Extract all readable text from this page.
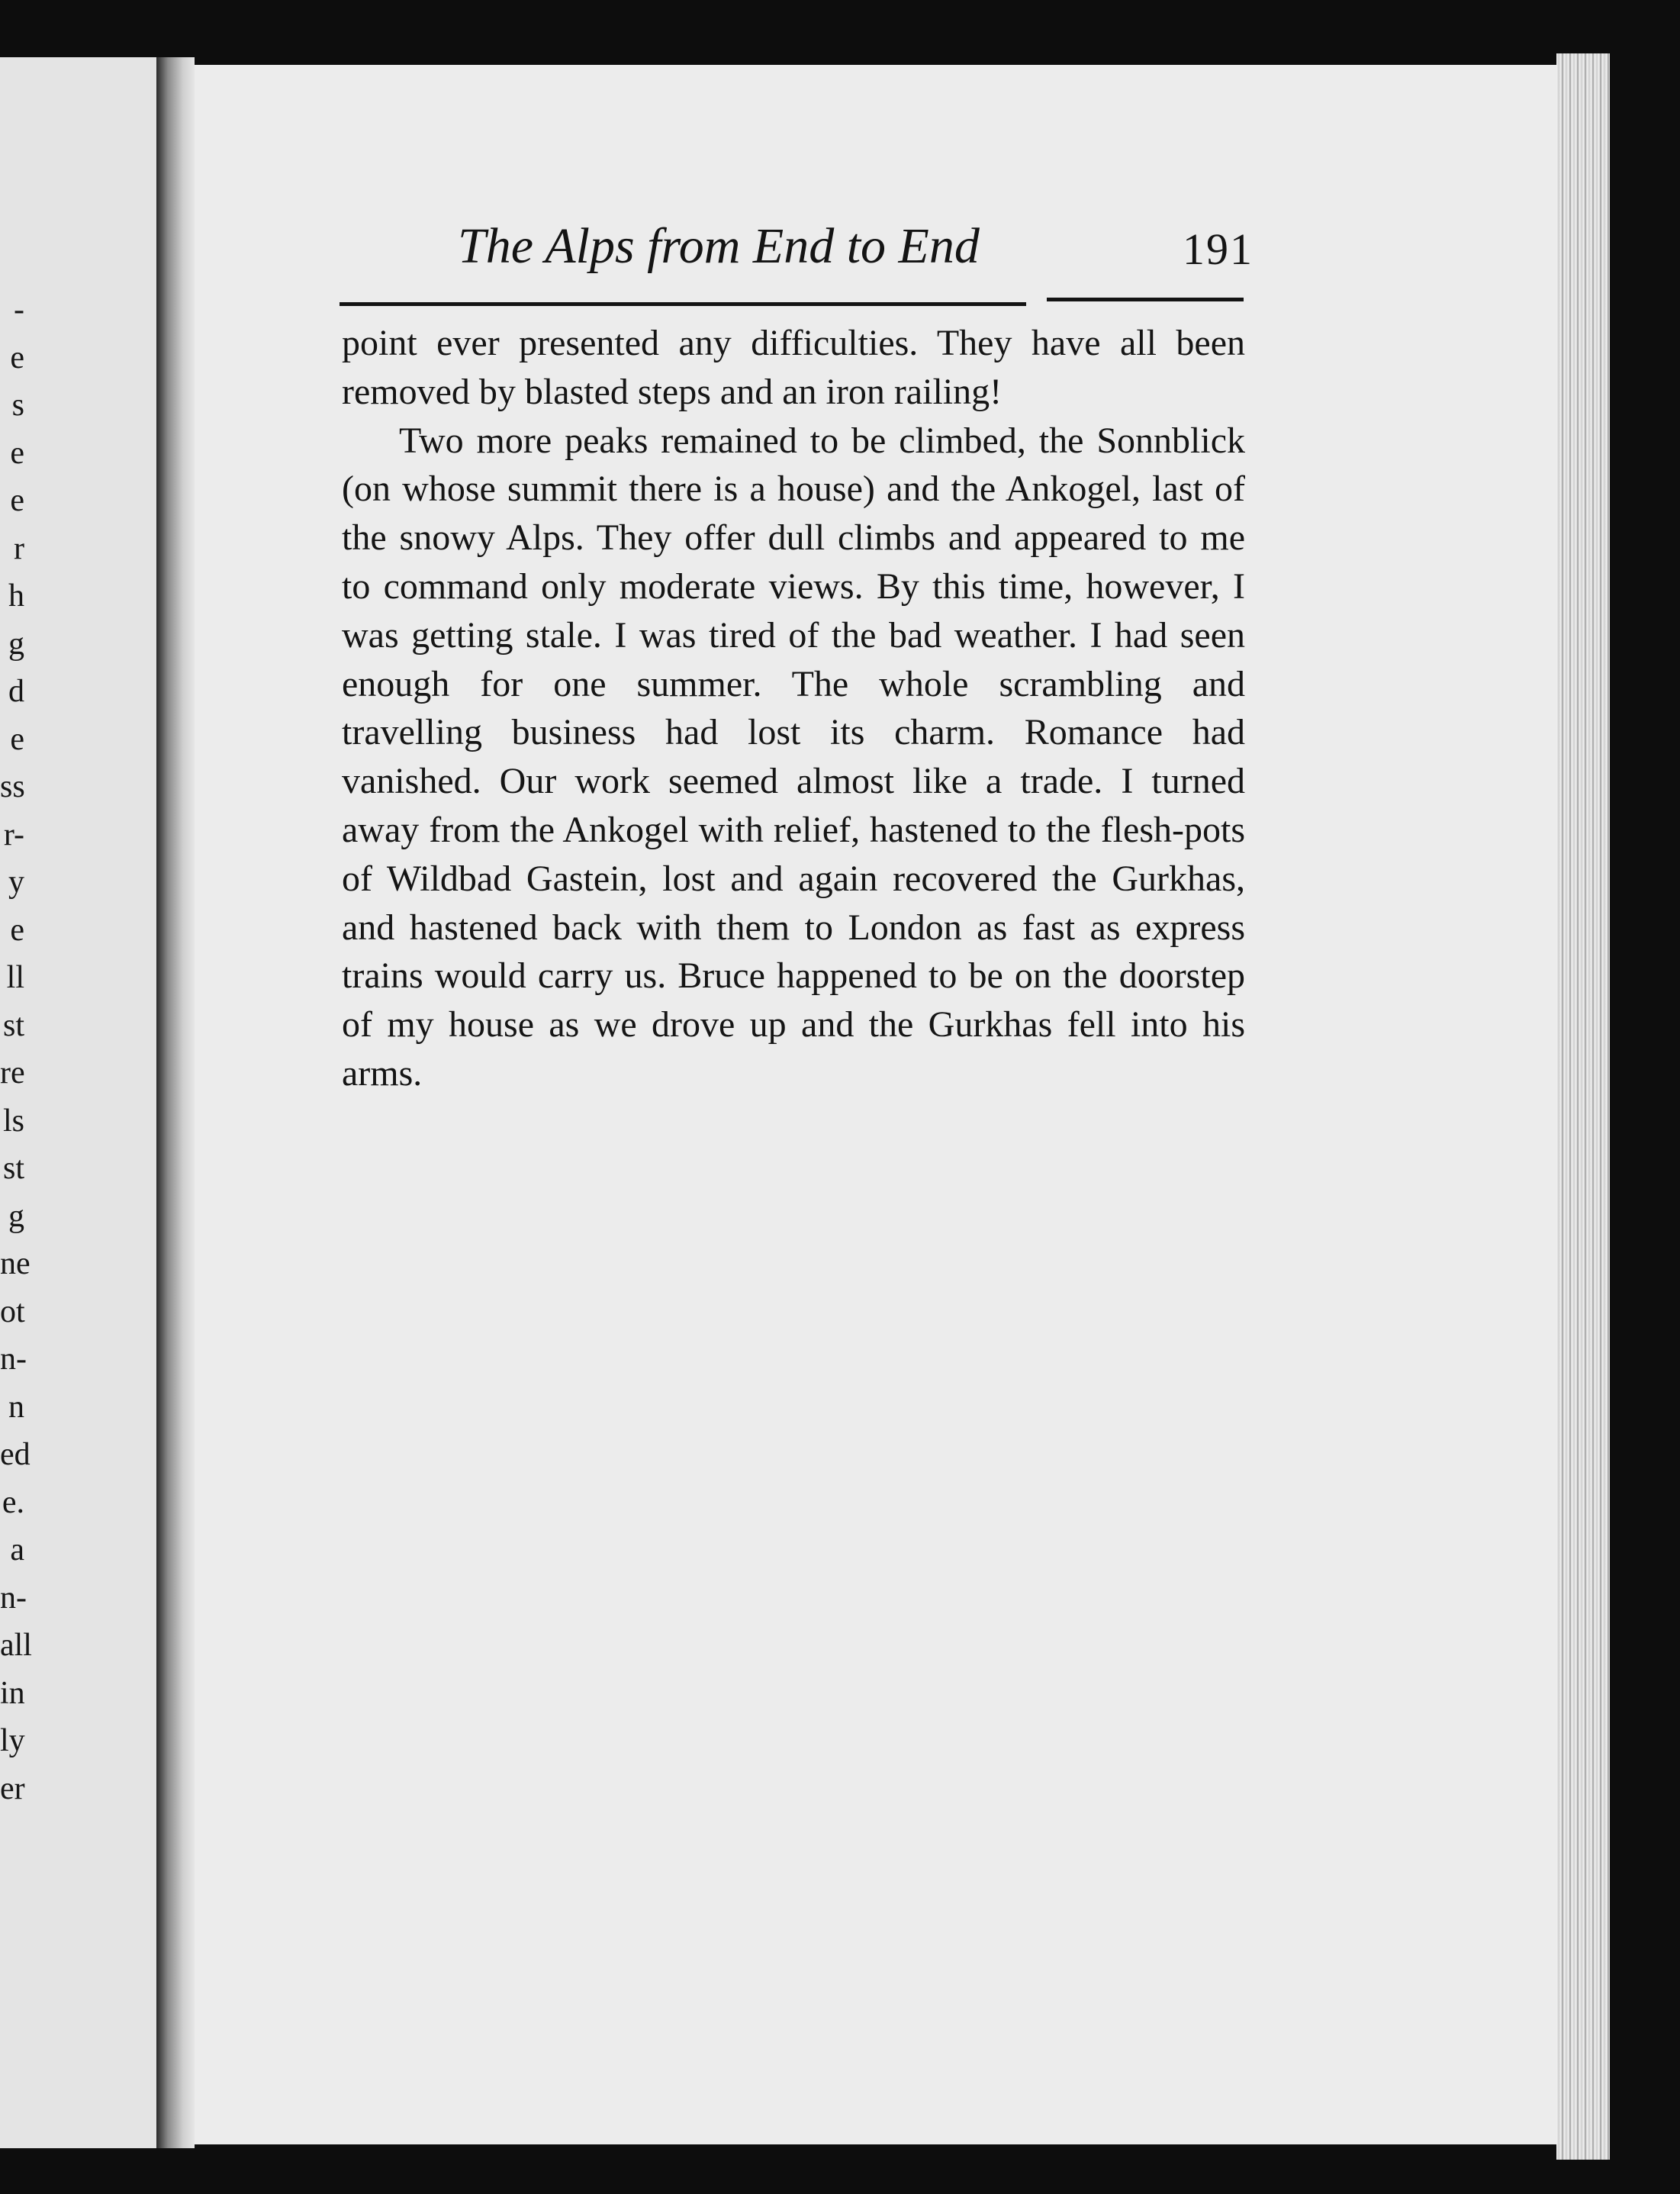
-
e
s
e
e
r
h
g
d
e
ss
r-
y
e
ll
st
re
ls
st
g
ne
ot
n-
n
ed
e.
a
n-
all
in
ly
er
The Alps from End to End	191

point ever presented any difficulties. They have all been removed by blasted steps and an iron railing!

Two more peaks remained to be climbed, the Sonnblick (on whose summit there is a house) and the Ankogel, last of the snowy Alps. They offer dull climbs and appeared to me to command only moderate views. By this time, however, I was getting stale. I was tired of the bad weather. I had seen enough for one summer. The whole scrambling and travelling business had lost its charm. Romance had vanished. Our work seemed almost like a trade. I turned away from the Ankogel with relief, hastened to the flesh-pots of Wildbad Gastein, lost and again recovered the Gurkhas, and hastened back with them to London as fast as express trains would carry us. Bruce happened to be on the doorstep of my house as we drove up and the Gurkhas fell into his arms.
